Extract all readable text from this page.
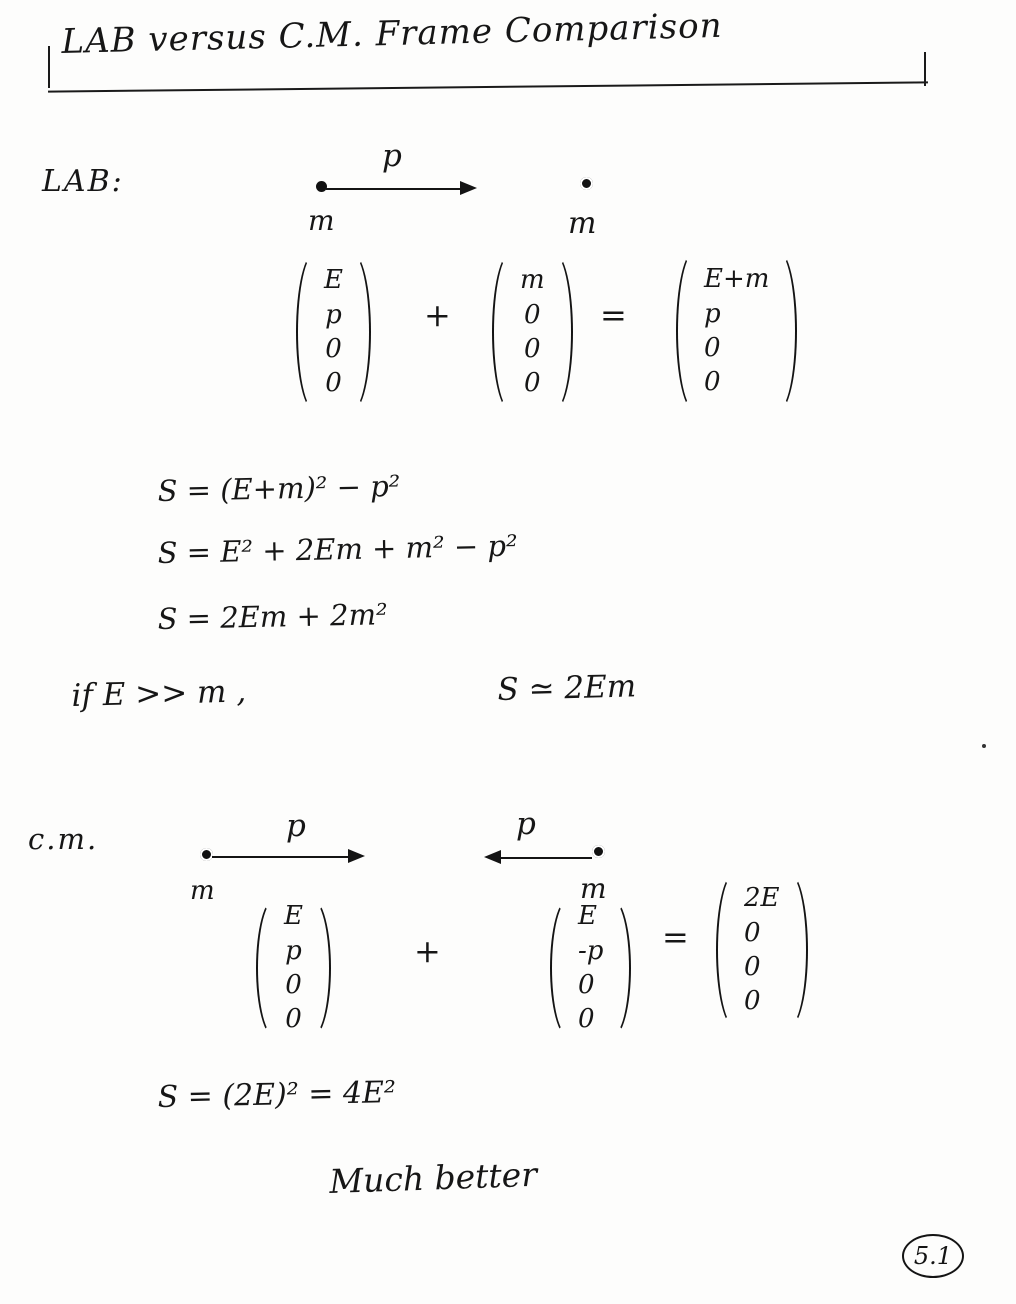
LAB versus C.M. Frame Comparison
LAB:
p
m	m
E
p
0
0
+
m
0
0
0
=
E+m
p
0
0
S = (E+m)² − p²
S = E² + 2Em + m² − p²
S = 2Em + 2m²
if E >> m ,	S ≃ 2Em
c.m.	p
m
p
m
E
p
0
0
+
E
-p
0
0
=
2E
0
0
0
S = (2E)² = 4E²
Much better
5.1
